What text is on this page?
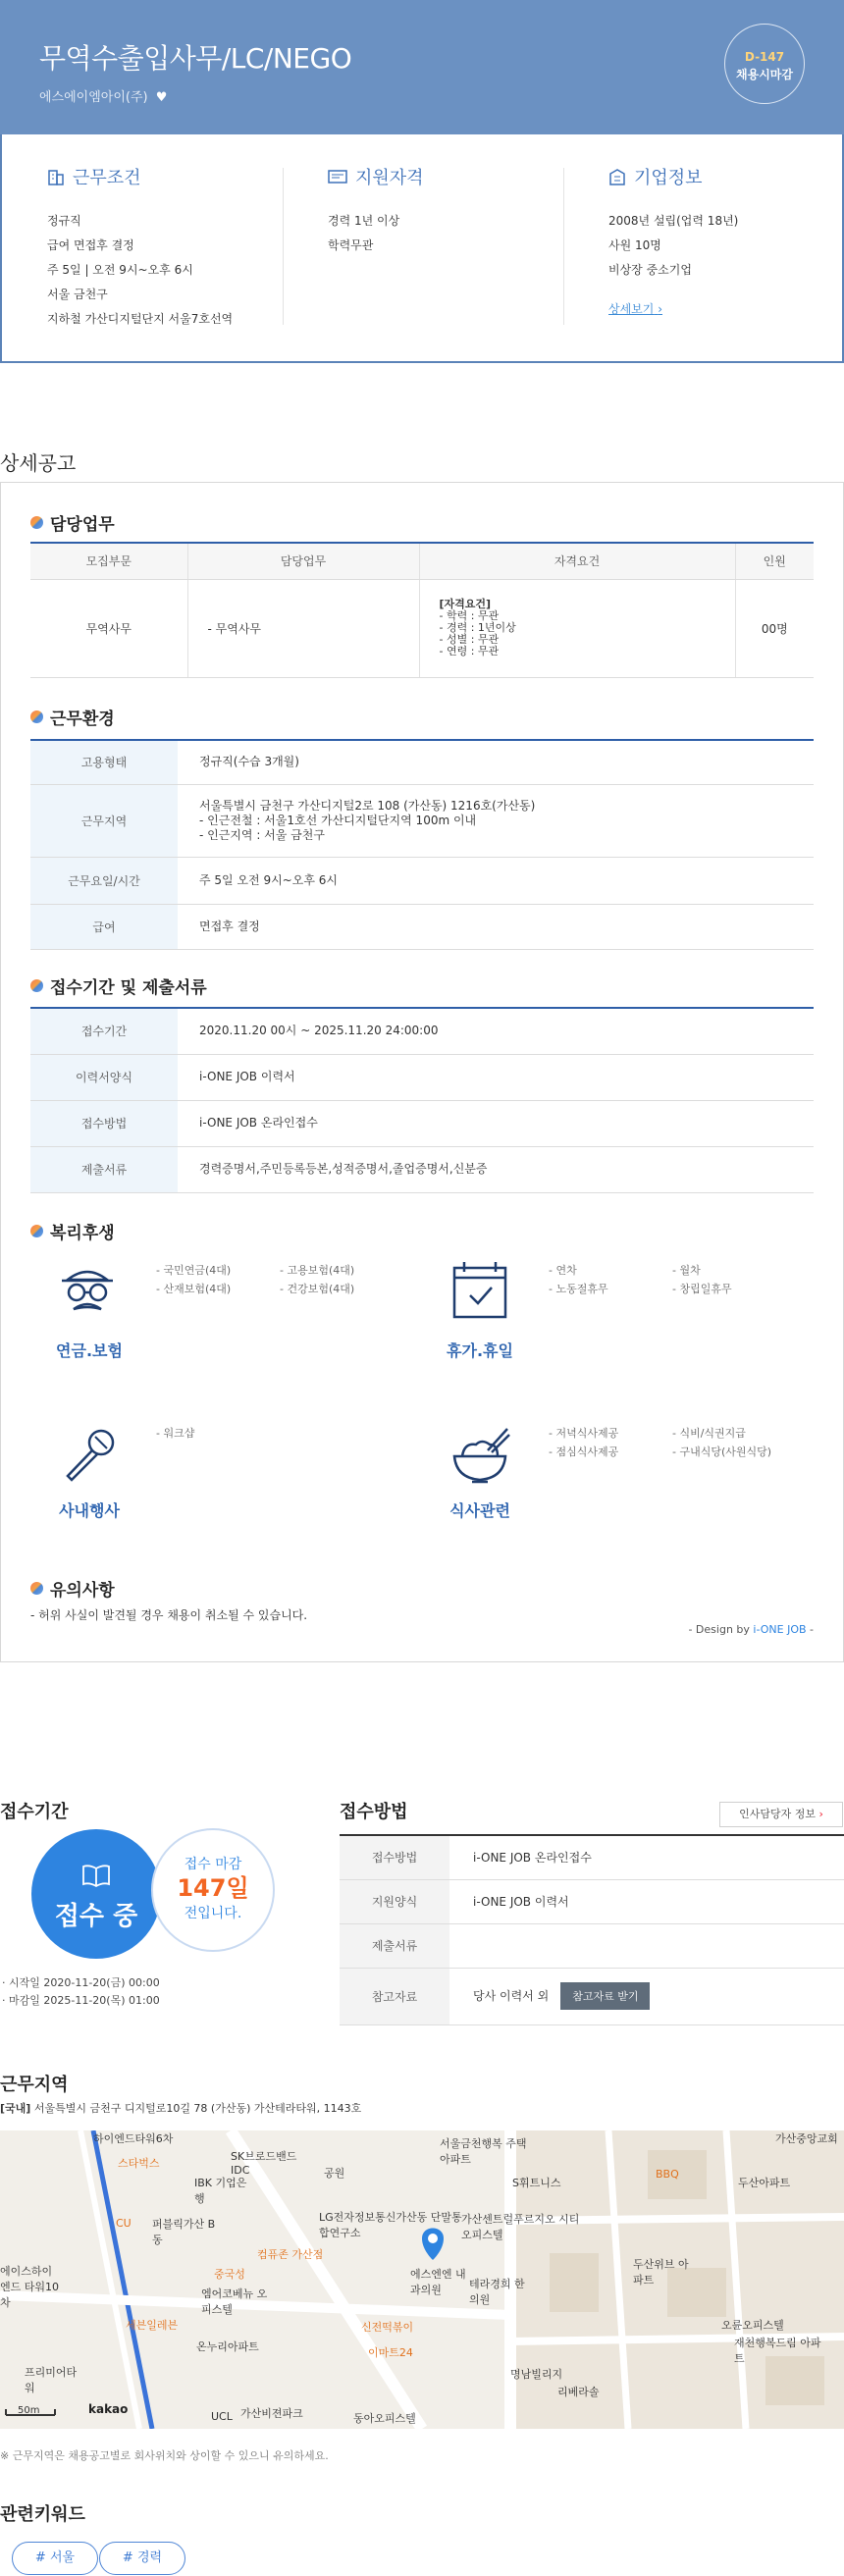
무역수출입사무/LC/NEGO
에스에이엠아이(주) ♥
D-147
채용시마감
근무조건

정규직

급여 면접후 결정

주 5일 | 오전 9시~오후 6시

서울 금천구

지하철 가산디지털단지 서울7호선역

지원자격

경력 1년 이상

학력무관

기업정보

2008년 설립(업력 18년)

사원 10명

비상장 중소기업

상세보기 ›
상세공고
담당업무
모집부문	담당업무	자격요건	인원
무역사무	- 무역사무	[자격요건]
- 학력 : 무관
- 경력 : 1년이상
- 성별 : 무관
- 연령 : 무관	00명
근무환경
고용형태	정규직(수습 3개월)
근무지역	서울특별시 금천구 가산디지털2로 108 (가산동) 1216호(가산동)
- 인근전철 : 서울1호선 가산디지털단지역 100m 이내
- 인근지역 : 서울 금천구
근무요일/시간	주 5일 오전 9시~오후 6시
급여	면접후 결정
접수기간 및 제출서류
접수기간	2020.11.20 00시 ~ 2025.11.20 24:00:00
이력서양식	i-ONE JOB 이력서
접수방법	i-ONE JOB 온라인접수
제출서류	경력증명서,주민등록등본,성적증명서,졸업증명서,신분증
복리후생
연금.보험
- 국민연금(4대)	- 고용보험(4대)
- 산재보험(4대)	- 건강보험(4대)
휴가.휴일
- 연차	- 월차
- 노동절휴무	- 창립일휴무
사내행사
- 워크샵
식사관련
- 저녁식사제공	- 식비/식권지급
- 점심식사제공	- 구내식당(사원식당)
유의사항
- 허위 사실이 발견될 경우 채용이 취소될 수 있습니다.
- Design by i-ONE JOB -
접수기간
접수 중
접수 마감
147일
전입니다.
· 시작일 2020-11-20(금) 00:00
· 마감일 2025-11-20(목) 01:00
접수방법	인사담당자 정보 ›
접수방법	i-ONE JOB 온라인접수
지원양식	i-ONE JOB 이력서
제출서류	
참고자료	당사 이력서 외 참고자료 받기
근무지역
[국내] 서울특별시 금천구 디지털로10길 78 (가산동) 가산테라타워, 1143호
하이엔드타워6차
스타벅스
SK브로드밴드 IDC
IBK 기업은행
CU 퍼블릭가산 B동
LG전자정보통신가산동 단말통합연구소
컴퓨존 가산점
중국성
에이스하이엔드 타워10차
엠어코베뉴 오피스텔
세븐일레븐
온누리아파트
신전떡볶이
이마트24
에스엔엔 내과의원	테라경희 한의원
서울금천행복 주택아파트
S휘트니스
가산센트럴푸르지오 시티오피스텔
BBQ
두산아파트
두산위브 아파트
오륜오피스텔
재천행복드림 아파트
명남빌리지
리베라솔
가산비젼파크
UCL	동아오피스텔
프리미어타워
가산중앙교회
공원
50m	kakao
※ 근무지역은 채용공고별로 회사위치와 상이할 수 있으니 유의하세요.
관련키워드
# 서울	# 경력
